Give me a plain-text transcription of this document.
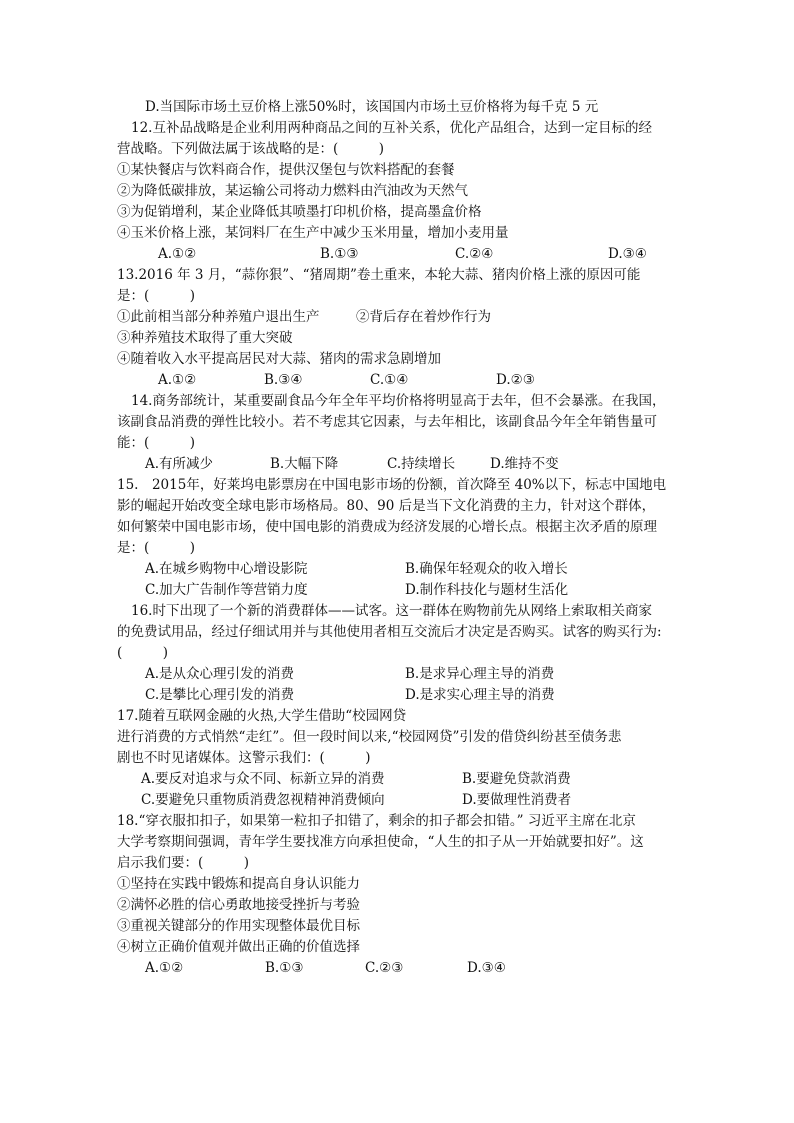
D.当国际市场土豆价格上涨50%时，该国国内市场土豆价格将为每千克 5 元
12.互补品战略是企业利用两种商品之间的互补关系，优化产品组合，达到一定目标的经
营战略。下列做法属于该战略的是：(　　　)
①某快餐店与饮料商合作，提供汉堡包与饮料搭配的套餐
②为降低碳排放，某运输公司将动力燃料由汽油改为天然气
③为促销增利，某企业降低其喷墨打印机价格，提高墨盒价格
④玉米价格上涨，某饲料厂在生产中减少玉米用量，增加小麦用量
A.①②	B.①③	C.②④	D.③④
13.2016 年 3 月，“蒜你狠”、“猪周期”卷土重来，本轮大蒜、猪肉价格上涨的原因可能
是：(　　　)
①此前相当部分种养殖户退出生产	②背后存在着炒作行为
③种养殖技术取得了重大突破
④随着收入水平提高居民对大蒜、猪肉的需求急剧增加
A.①②	B.③④	C.①④	D.②③
14.商务部统计，某重要副食品今年全年平均价格将明显高于去年，但不会暴涨。在我国，
该副食品消费的弹性比较小。若不考虑其它因素，与去年相比，该副食品今年全年销售量可
能：(　　　)
A.有所减少	B.大幅下降	C.持续增长	D.维持不变
15.　2015年，好莱坞电影票房在中国电影市场的份额，首次降至 40%以下，标志中国地电
影的崛起开始改变全球电影市场格局。80、90 后是当下文化消费的主力，针对这个群体，
如何繁荣中国电影市场，使中国电影的消费成为经济发展的心增长点。根据主次矛盾的原理
是：(　　　)
A.在城乡购物中心增设影院	B.确保年轻观众的收入增长
C.加大广告制作等营销力度	D.制作科技化与题材生活化
16.时下出现了一个新的消费群体——试客。这一群体在购物前先从网络上索取相关商家
的免费试用品，经过仔细试用并与其他使用者相互交流后才决定是否购买。试客的购买行为:
(　　　)
A.是从众心理引发的消费	B.是求异心理主导的消费
C.是攀比心理引发的消费	D.是求实心理主导的消费
17.随着互联网金融的火热,大学生借助“校园网贷
进行消费的方式悄然“走红”。但一段时间以来,“校园网贷”引发的借贷纠纷甚至债务悲
剧也不时见诸媒体。这警示我们：(　　　)
A.要反对追求与众不同、标新立异的消费	B.要避免贷款消费
C.要避免只重物质消费忽视精神消费倾向	D.要做理性消费者
18.“穿衣服扣扣子，如果第一粒扣子扣错了，剩余的扣子都会扣错。” 习近平主席在北京
大学考察期间强调，青年学生要找准方向承担使命，“人生的扣子从一开始就要扣好”。这
启示我们要：(　　　)
①坚持在实践中锻炼和提高自身认识能力
②满怀必胜的信心勇敢地接受挫折与考验
③重视关键部分的作用实现整体最优目标
④树立正确价值观并做出正确的价值选择
A.①②	B.①③	C.②③	D.③④
